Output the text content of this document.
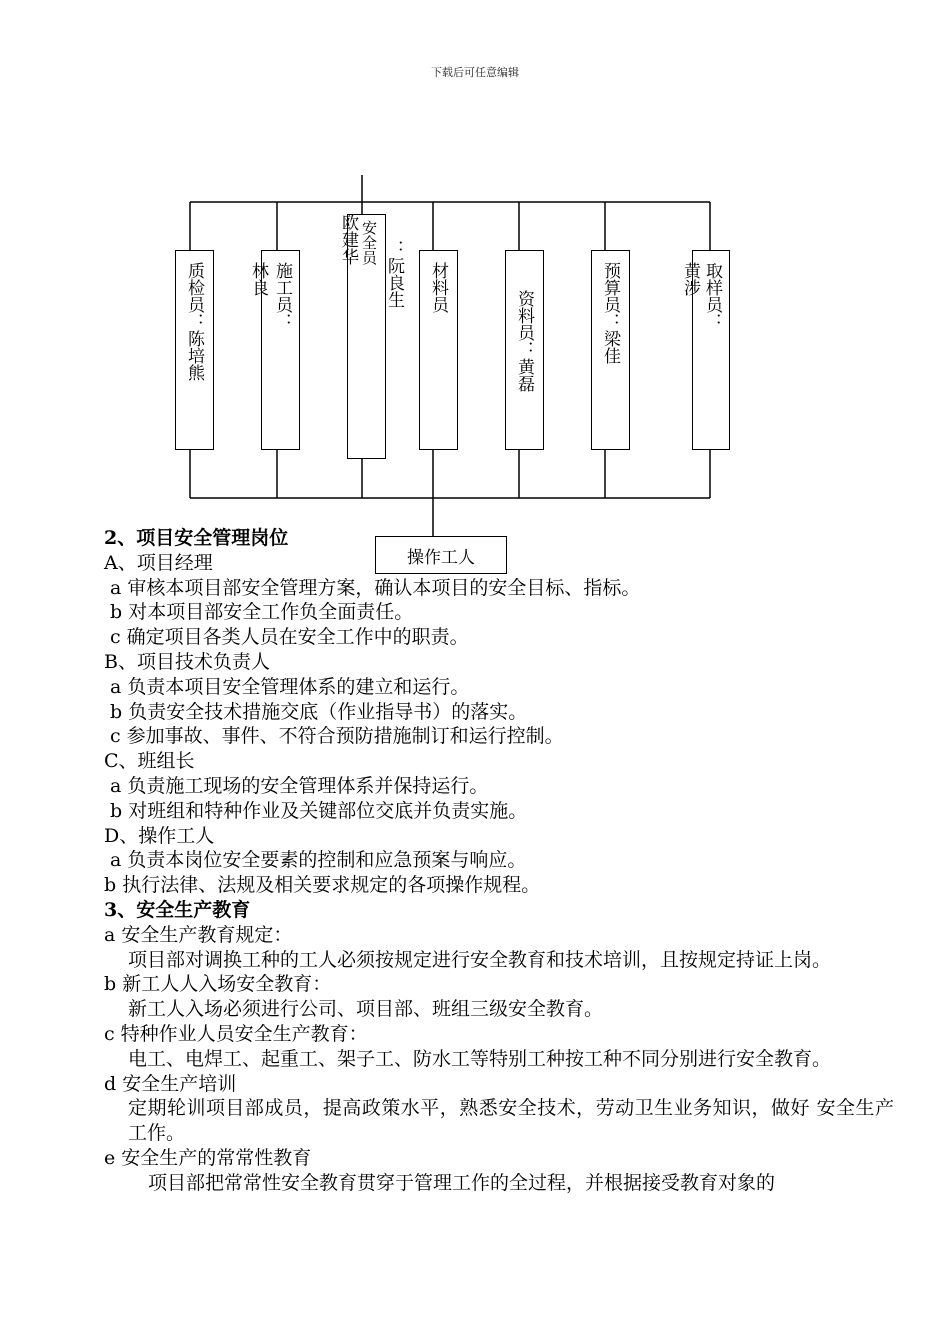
下载后可任意编辑
质检员：陈培熊	施工员：
林良
安全员 ：阮良生
欧建华
材料员
资料员：黄磊	预算员：梁佳	取样员：
黄涉
操作工人

2、项目安全管理岗位

A、项目经理

a 审核本项目部安全管理方案，确认本项目的安全目标、指标。

b 对本项目部安全工作负全面责任。

c 确定项目各类人员在安全工作中的职责。

B、项目技术负责人

a 负责本项目安全管理体系的建立和运行。

b 负责安全技术措施交底（作业指导书）的落实。

c 参加事故、事件、不符合预防措施制订和运行控制。

C、班组长

a 负责施工现场的安全管理体系并保持运行。

b 对班组和特种作业及关键部位交底并负责实施。

D、操作工人

a 负责本岗位安全要素的控制和应急预案与响应。

b 执行法律、法规及相关要求规定的各项操作规程。

3、安全生产教育

a 安全生产教育规定：

项目部对调换工种的工人必须按规定进行安全教育和技术培训，且按规定持证上岗。

b 新工人人入场安全教育：

新工人入场必须进行公司、项目部、班组三级安全教育。

c 特种作业人员安全生产教育：

电工、电焊工、起重工、架子工、防水工等特别工种按工种不同分别进行安全教育。

d 安全生产培训

定期轮训项目部成员，提高政策水平，熟悉安全技术，劳动卫生业务知识，做好 安全生产工作。

e 安全生产的常常性教育

项目部把常常性安全教育贯穿于管理工作的全过程，并根据接受教育对象的
